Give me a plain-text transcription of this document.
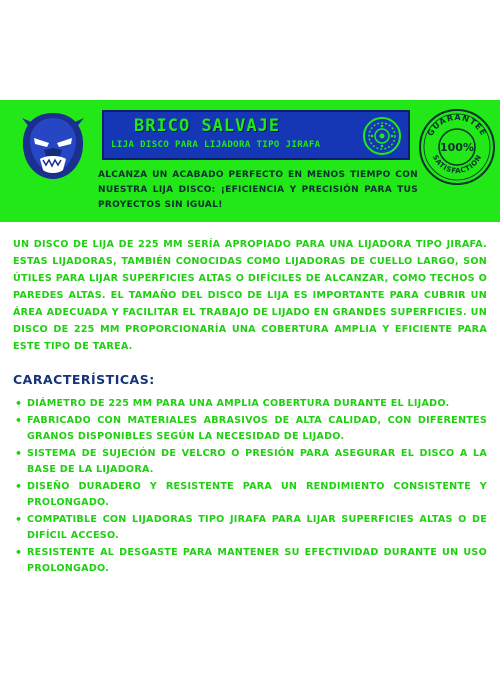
BRICO SALVAJE
LIJA DISCO PARA LIJADORA TIPO JIRAFA
GUARANTEE
SATISFACTION
100%
ALCANZA UN ACABADO PERFECTO EN MENOS TIEMPO CON NUESTRA LIJA DISCO: ¡EFICIENCIA Y PRECISIÓN PARA TUS PROYECTOS SIN IGUAL!
UN DISCO DE LIJA DE 225 MM SERÍA APROPIADO PARA UNA LIJADORA TIPO JIRAFA. ESTAS LIJADORAS, TAMBIÉN CONOCIDAS COMO LIJADORAS DE CUELLO LARGO, SON ÚTILES PARA LIJAR SUPERFICIES ALTAS O DIFÍCILES DE ALCANZAR, COMO TECHOS O PAREDES ALTAS. EL TAMAÑO DEL DISCO DE LIJA ES IMPORTANTE PARA CUBRIR UN ÁREA ADECUADA Y FACILITAR EL TRABAJO DE LIJADO EN GRANDES SUPERFICIES. UN DISCO DE 225 MM PROPORCIONARÍA UNA COBERTURA AMPLIA Y EFICIENTE PARA ESTE TIPO DE TAREA.
CARACTERÍSTICAS:
• DIÁMETRO DE 225 MM PARA UNA AMPLIA COBERTURA DURANTE EL LIJADO.
• FABRICADO CON MATERIALES ABRASIVOS DE ALTA CALIDAD, CON DIFERENTES GRANOS DISPONIBLES SEGÚN LA NECESIDAD DE LIJADO.
• SISTEMA DE SUJECIÓN DE VELCRO O PRESIÓN PARA ASEGURAR EL DISCO A LA BASE DE LA LIJADORA.
• DISEÑO DURADERO Y RESISTENTE PARA UN RENDIMIENTO CONSISTENTE Y PROLONGADO.
• COMPATIBLE CON LIJADORAS TIPO JIRAFA PARA LIJAR SUPERFICIES ALTAS O DE DIFÍCIL ACCESO.
• RESISTENTE AL DESGASTE PARA MANTENER SU EFECTIVIDAD DURANTE UN USO PROLONGADO.
